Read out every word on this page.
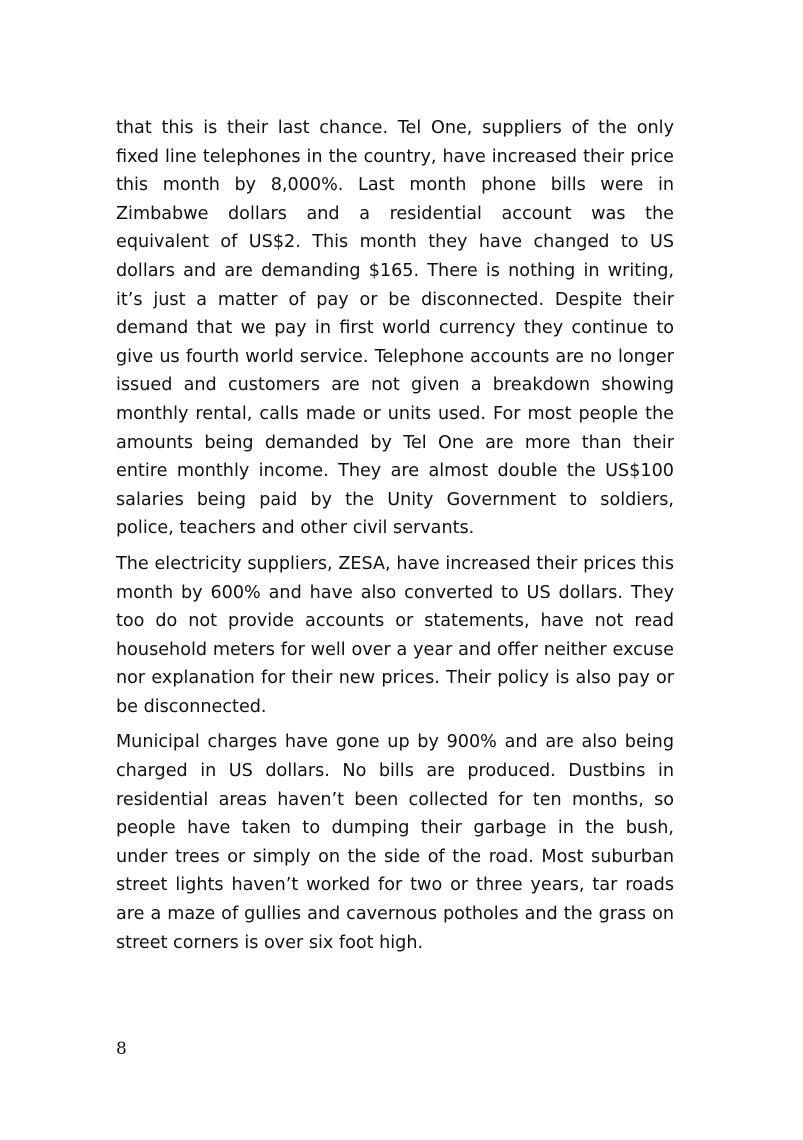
that this is their last chance. Tel One, suppliers of the only fixed line telephones in the country, have increased their price this month by 8,000%. Last month phone bills were in Zimbabwe dollars and a residential account was the equivalent of US$2. This month they have changed to US dollars and are demanding $165. There is nothing in writing, it’s just a matter of pay or be disconnected. Despite their demand that we pay in first world currency they continue to give us fourth world service. Telephone accounts are no longer issued and customers are not given a breakdown showing monthly rental, calls made or units used. For most people the amounts being demanded by Tel One are more than their entire monthly income. They are almost double the US$100 salaries being paid by the Unity Government to soldiers, police, teachers and other civil servants.

The electricity suppliers, ZESA, have increased their prices this month by 600% and have also converted to US dollars. They too do not provide accounts or statements, have not read household meters for well over a year and offer neither excuse nor explanation for their new prices. Their policy is also pay or be disconnected.

Municipal charges have gone up by 900% and are also being charged in US dollars. No bills are produced. Dustbins in residential areas haven’t been collected for ten months, so people have taken to dumping their garbage in the bush, under trees or simply on the side of the road. Most suburban street lights haven’t worked for two or three years, tar roads are a maze of gullies and cavernous potholes and the grass on street corners is over six foot high.

8
